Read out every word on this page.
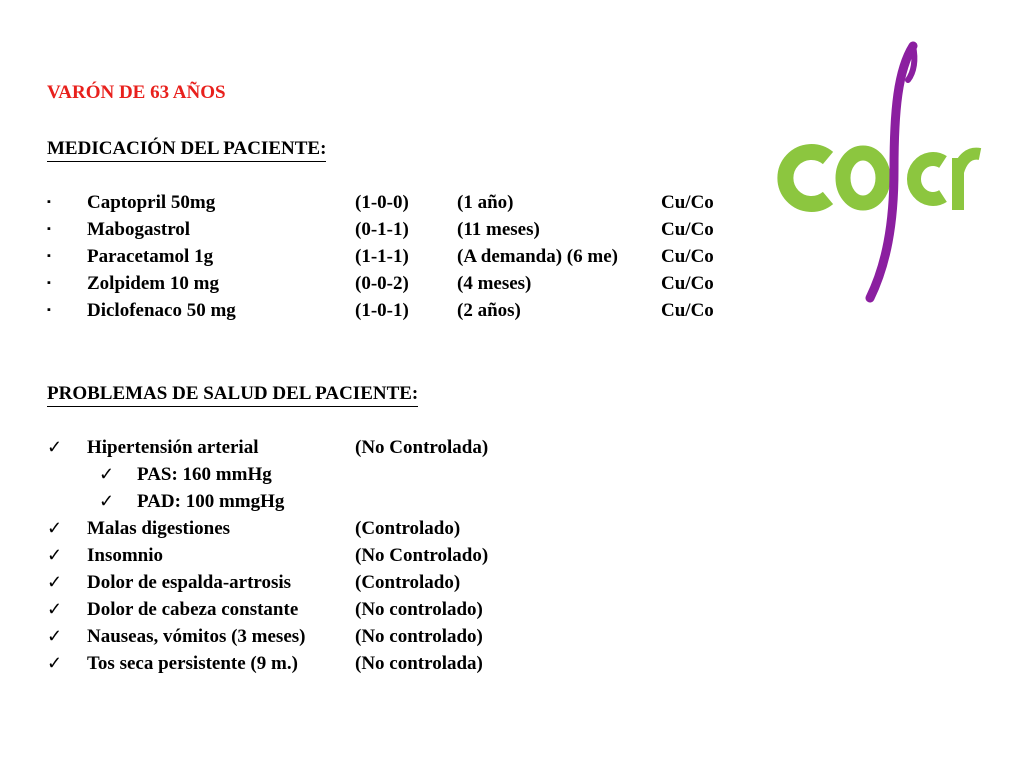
VARÓN DE 63 AÑOS
MEDICACIÓN DEL PACIENTE:
▪ Captopril 50mg	(1-0-0)	(1 año)	Cu/Co
▪ Mabogastrol	(0-1-1)	(11 meses)	Cu/Co
▪ Paracetamol 1g	(1-1-1)	(A demanda) (6 me) Cu/Co
▪ Zolpidem 10 mg	(0-0-2)	(4 meses)	Cu/Co
▪ Diclofenaco 50 mg	(1-0-1)	(2 años)	Cu/Co
PROBLEMAS DE SALUD DEL PACIENTE:
✓ Hipertensión arterial	(No Controlada)
✓ PAS: 160 mmHg
✓ PAD: 100 mmgHg
✓ Malas digestiones	(Controlado)
✓ Insomnio	(No Controlado)
✓ Dolor de espalda-artrosis	(Controlado)
✓ Dolor de cabeza constante	(No controlado)
✓ Nauseas, vómitos (3 meses)	(No controlado)
✓ Tos seca persistente (9 m.)	(No controlada)
